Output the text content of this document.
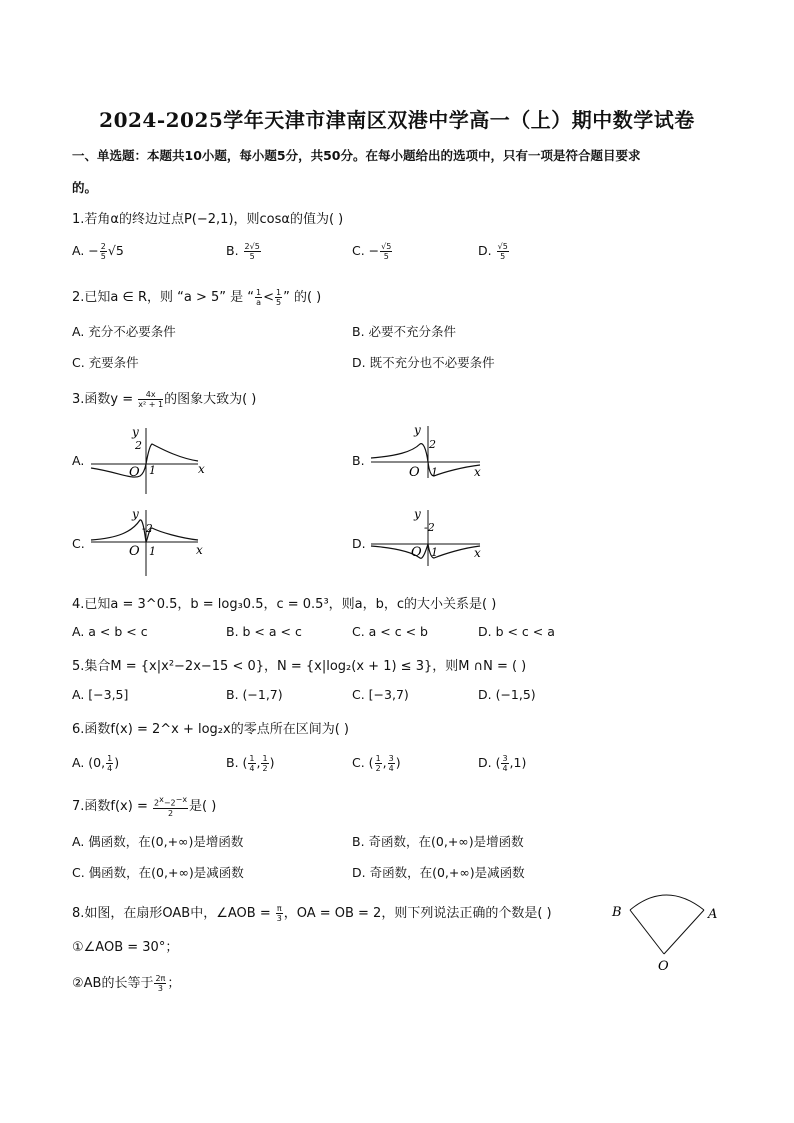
2024-2025学年天津市津南区双港中学高一（上）期中数学试卷
一、单选题：本题共10小题，每小题5分，共50分。在每小题给出的选项中，只有一项是符合题目要求
的。
1.若角α的终边过点P(−2,1)，则cosα的值为( )
A. − $\frac{2}{5} √5$	B. $\frac{2√5}{5}$	C. − $\frac{√5}{5}$	D. $\frac{√5}{5}$
2.已知a ∈ R，则 “a > 5” 是 “ $\frac{1}{a} < \frac{1}{5}$ ” 的( )
A. 充分不必要条件	B. 必要不充分条件
C. 充要条件	D. 既不充分也不必要条件
3.函数$y = \frac{4x}{\text{x² + 1}}$ 的图象大致为( )
A.	B.
C.	D.
y
2
O 1	x
y
2
O 1	x
y
-2
O 1	x
y
-2
O 1	x
4.已知a = 3^0.5，b = log₃0.5，c = 0.5³，则a，b，c的大小关系是( )
A. a < b < c	B. b < a < c	C. a < c < b	D. b < c < a
5.集合M = {x|x²−2x−15 < 0}，N = {x|log₂(x + 1) ≤ 3}，则M ∩N = ( )
A. [−3,5]	B. (−1,7)	C. [−3,7)	D. (−1,5)
6.函数f(x) = 2^x + log₂x的零点所在区间为( )
A. (0, $\frac{1}{4}$ )	B. ( $\frac{1}{4}$ , $\frac{1}{2}$ )	C. ( $\frac{1}{2}$ , $\frac{3}{4}$ )	D. ( $\frac{3}{4} ,1$)
7.函数$f(x) = \frac{2^x-2^{-x}}{2}$ 是( )
A. 偶函数，在(0,+∞)是增函数	B. 奇函数，在(0,+∞)是增函数
C. 偶函数，在(0,+∞)是减函数	D. 奇函数，在(0,+∞)是减函数
8.如图，在扇形OAB中，∠AOB = $\frac{\pi}{3}$ ，OA = OB = 2，则下列说法正确的个数是( )
①∠AOB = 30°；
②AB的长等于 $\frac{2\pi}{3}$ ；
B	A
O
